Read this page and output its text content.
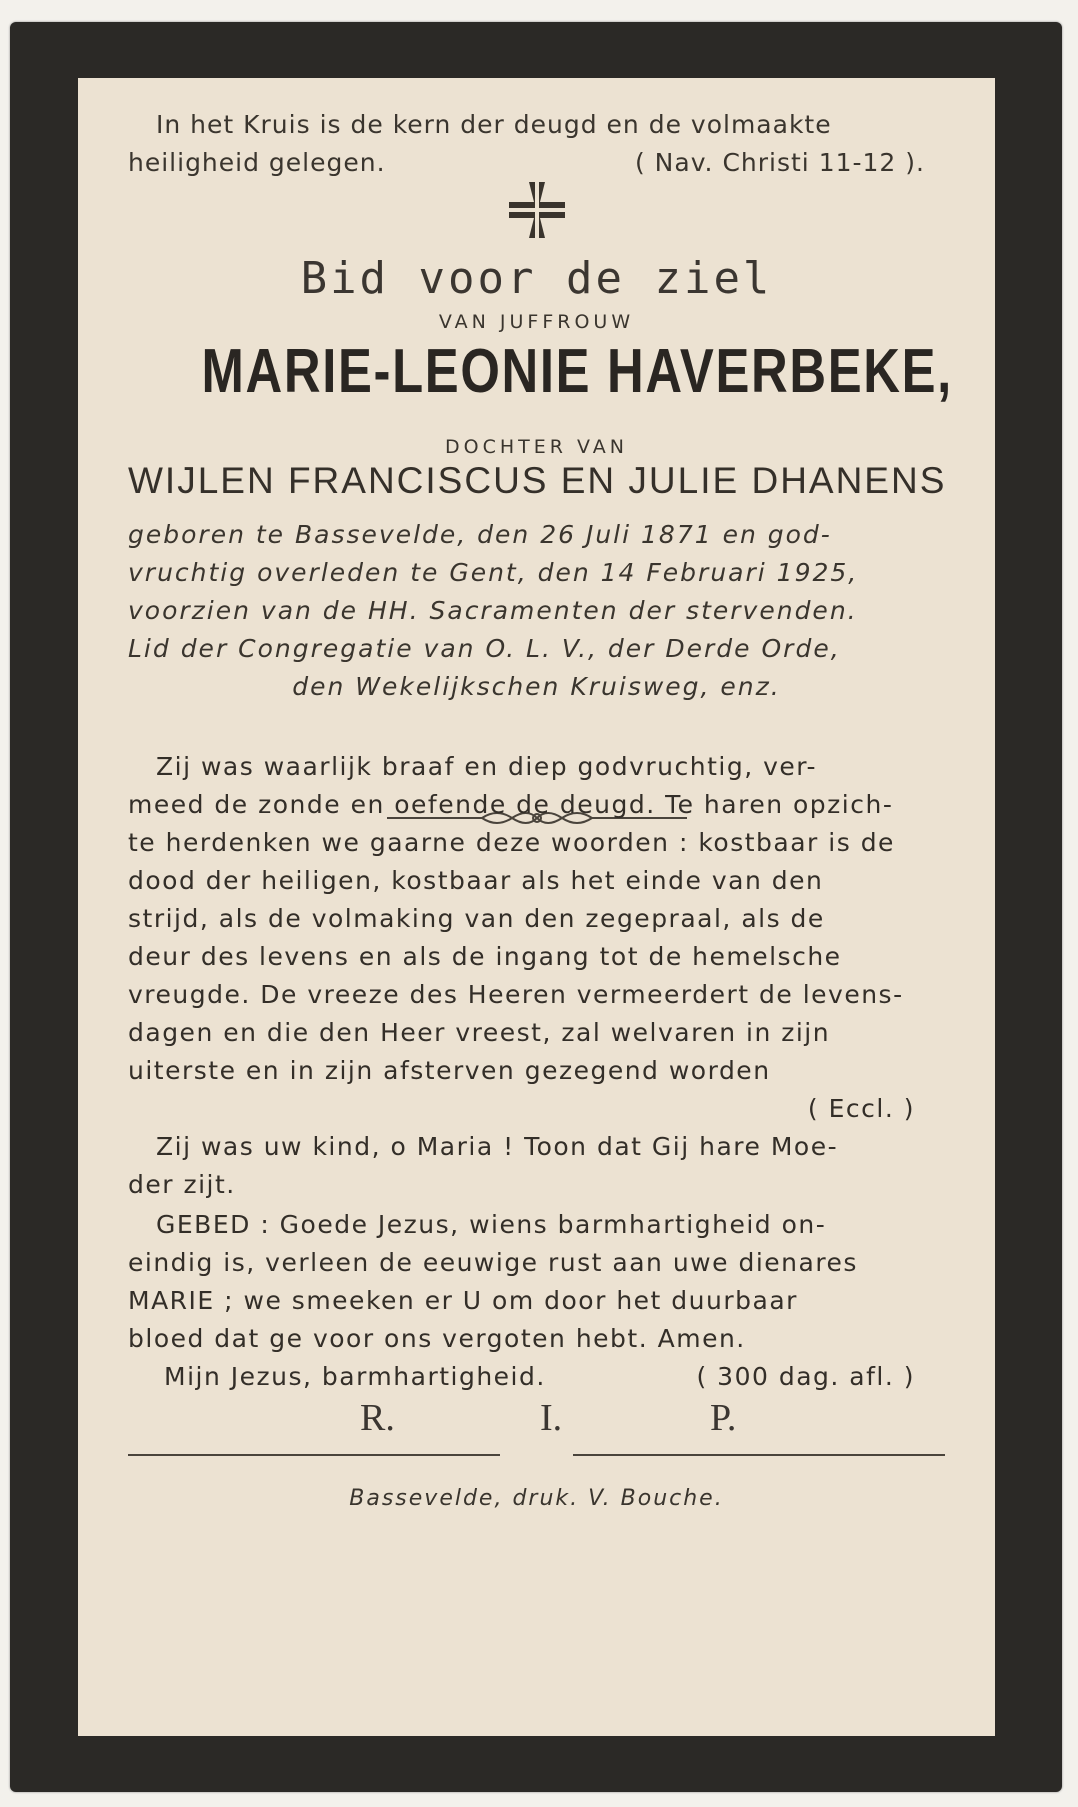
In het Kruis is de kern der deugd en de volmaakte
heiligheid gelegen.	( Nav. Christi 11-12 ).
Bid voor de ziel
VAN JUFFROUW
MARIE-LEONIE HAVERBEKE,
DOCHTER VAN
WIJLEN FRANCISCUS EN JULIE DHANENS
geboren te Bassevelde, den 26 Juli 1871 en god-
vruchtig overleden te Gent, den 14 Februari 1925,
voorzien van de HH. Sacramenten der stervenden.
Lid der Congregatie van O. L. V., der Derde Orde,
den Wekelijkschen Kruisweg, enz.
Zij was waarlijk braaf en diep godvruchtig, ver-
meed de zonde en oefende de deugd. Te haren opzich-
te herdenken we gaarne deze woorden : kostbaar is de
dood der heiligen, kostbaar als het einde van den
strijd, als de volmaking van den zegepraal, als de
deur des levens en als de ingang tot de hemelsche
vreugde. De vreeze des Heeren vermeerdert de levens-
dagen en die den Heer vreest, zal welvaren in zijn
uiterste en in zijn afsterven gezegend worden
( Eccl. )
Zij was uw kind, o Maria ! Toon dat Gij hare Moe-
der zijt.
GEBED : Goede Jezus, wiens barmhartigheid on-
eindig is, verleen de eeuwige rust aan uwe dienares
MARIE ; we smeeken er U om door het duurbaar
bloed dat ge voor ons vergoten hebt. Amen.
Mijn Jezus, barmhartigheid.	( 300 dag. afl. )
R.	I.	P.
Bassevelde, druk. V. Bouche.
